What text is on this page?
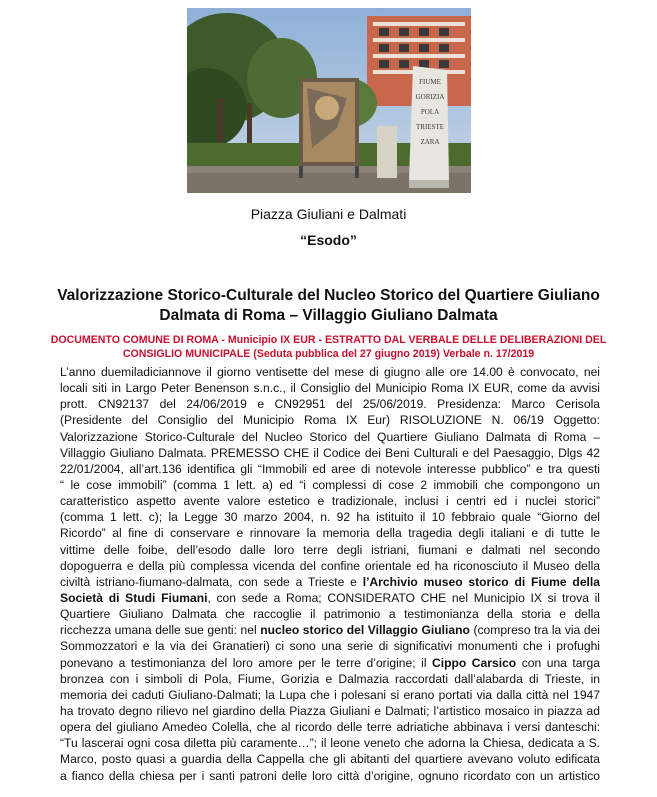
FIUME
GORIZIA
POLA
TRIESTE
ZARA
Piazza Giuliani e Dalmati
“Esodo”
Valorizzazione Storico-Culturale del Nucleo Storico del Quartiere Giuliano
Dalmata di Roma – Villaggio Giuliano Dalmata
DOCUMENTO COMUNE DI ROMA - Municipio IX EUR - ESTRATTO DAL VERBALE DELLE DELIBERAZIONI DEL
CONSIGLIO MUNICIPALE (Seduta pubblica del 27 giugno 2019) Verbale n. 17/2019
L’anno duemiladiciannove il giorno ventisette del mese di giugno alle ore 14.00 è convocato, nei
locali siti in Largo Peter Benenson s.n.c., il Consiglio del Municipio Roma IX EUR, come da avvisi
prott. CN92137 del 24/06/2019 e CN92951 del 25/06/2019. Presidenza: Marco Cerisola
(Presidente del Consiglio del Municipio Roma IX Eur) RISOLUZIONE N. 06/19 Oggetto:
Valorizzazione Storico-Culturale del Nucleo Storico del Quartiere Giuliano Dalmata di Roma –
Villaggio Giuliano Dalmata. PREMESSO CHE il Codice dei Beni Culturali e del Paesaggio, Dlgs 42
22/01/2004, all’art.136 identifica gli “Immobili ed aree di notevole interesse pubblico” e tra questi
“ le cose immobili” (comma 1 lett. a) ed “i complessi di cose 2 immobili che compongono un
caratteristico aspetto avente valore estetico e tradizionale, inclusi i centri ed i nuclei storici”
(comma 1 lett. c); la Legge 30 marzo 2004, n. 92 ha istituito il 10 febbraio quale “Giorno del
Ricordo” al fine di conservare e rinnovare la memoria della tragedia degli italiani e di tutte le
vittime delle foibe, dell’esodo dalle loro terre degli istriani, fiumani e dalmati nel secondo
dopoguerra e della più complessa vicenda del confine orientale ed ha riconosciuto il Museo della
civiltà istriano-fiumano-dalmata, con sede a Trieste e l’Archivio museo storico di Fiume della
Società di Studi Fiumani, con sede a Roma; CONSIDERATO CHE nel Municipio IX si trova il
Quartiere Giuliano Dalmata che raccoglie il patrimonio a testimonianza della storia e della
ricchezza umana delle sue genti: nel nucleo storico del Villaggio Giuliano (compreso tra la via dei
Sommozzatori e la via dei Granatieri) ci sono una serie di significativi monumenti che i profughi
ponevano a testimonianza del loro amore per le terre d’origine; il Cippo Carsico con una targa
bronzea con i simboli di Pola, Fiume, Gorizia e Dalmazia raccordati dall’alabarda di Trieste, in
memoria dei caduti Giuliano-Dalmati; la Lupa che i polesani si erano portati via dalla città nel 1947
ha trovato degno rilievo nel giardino della Piazza Giuliani e Dalmati; l’artistico mosaico in piazza ad
opera del giuliano Amedeo Colella, che al ricordo delle terre adriatiche abbinava i versi danteschi:
“Tu lascerai ogni cosa diletta più caramente…”; il leone veneto che adorna la Chiesa, dedicata a S.
Marco, posto quasi a guardia della Cappella che gli abitanti del quartiere avevano voluto edificata
a fianco della chiesa per i santi patroni delle loro città d’origine, ognuno ricordato con un artistico
